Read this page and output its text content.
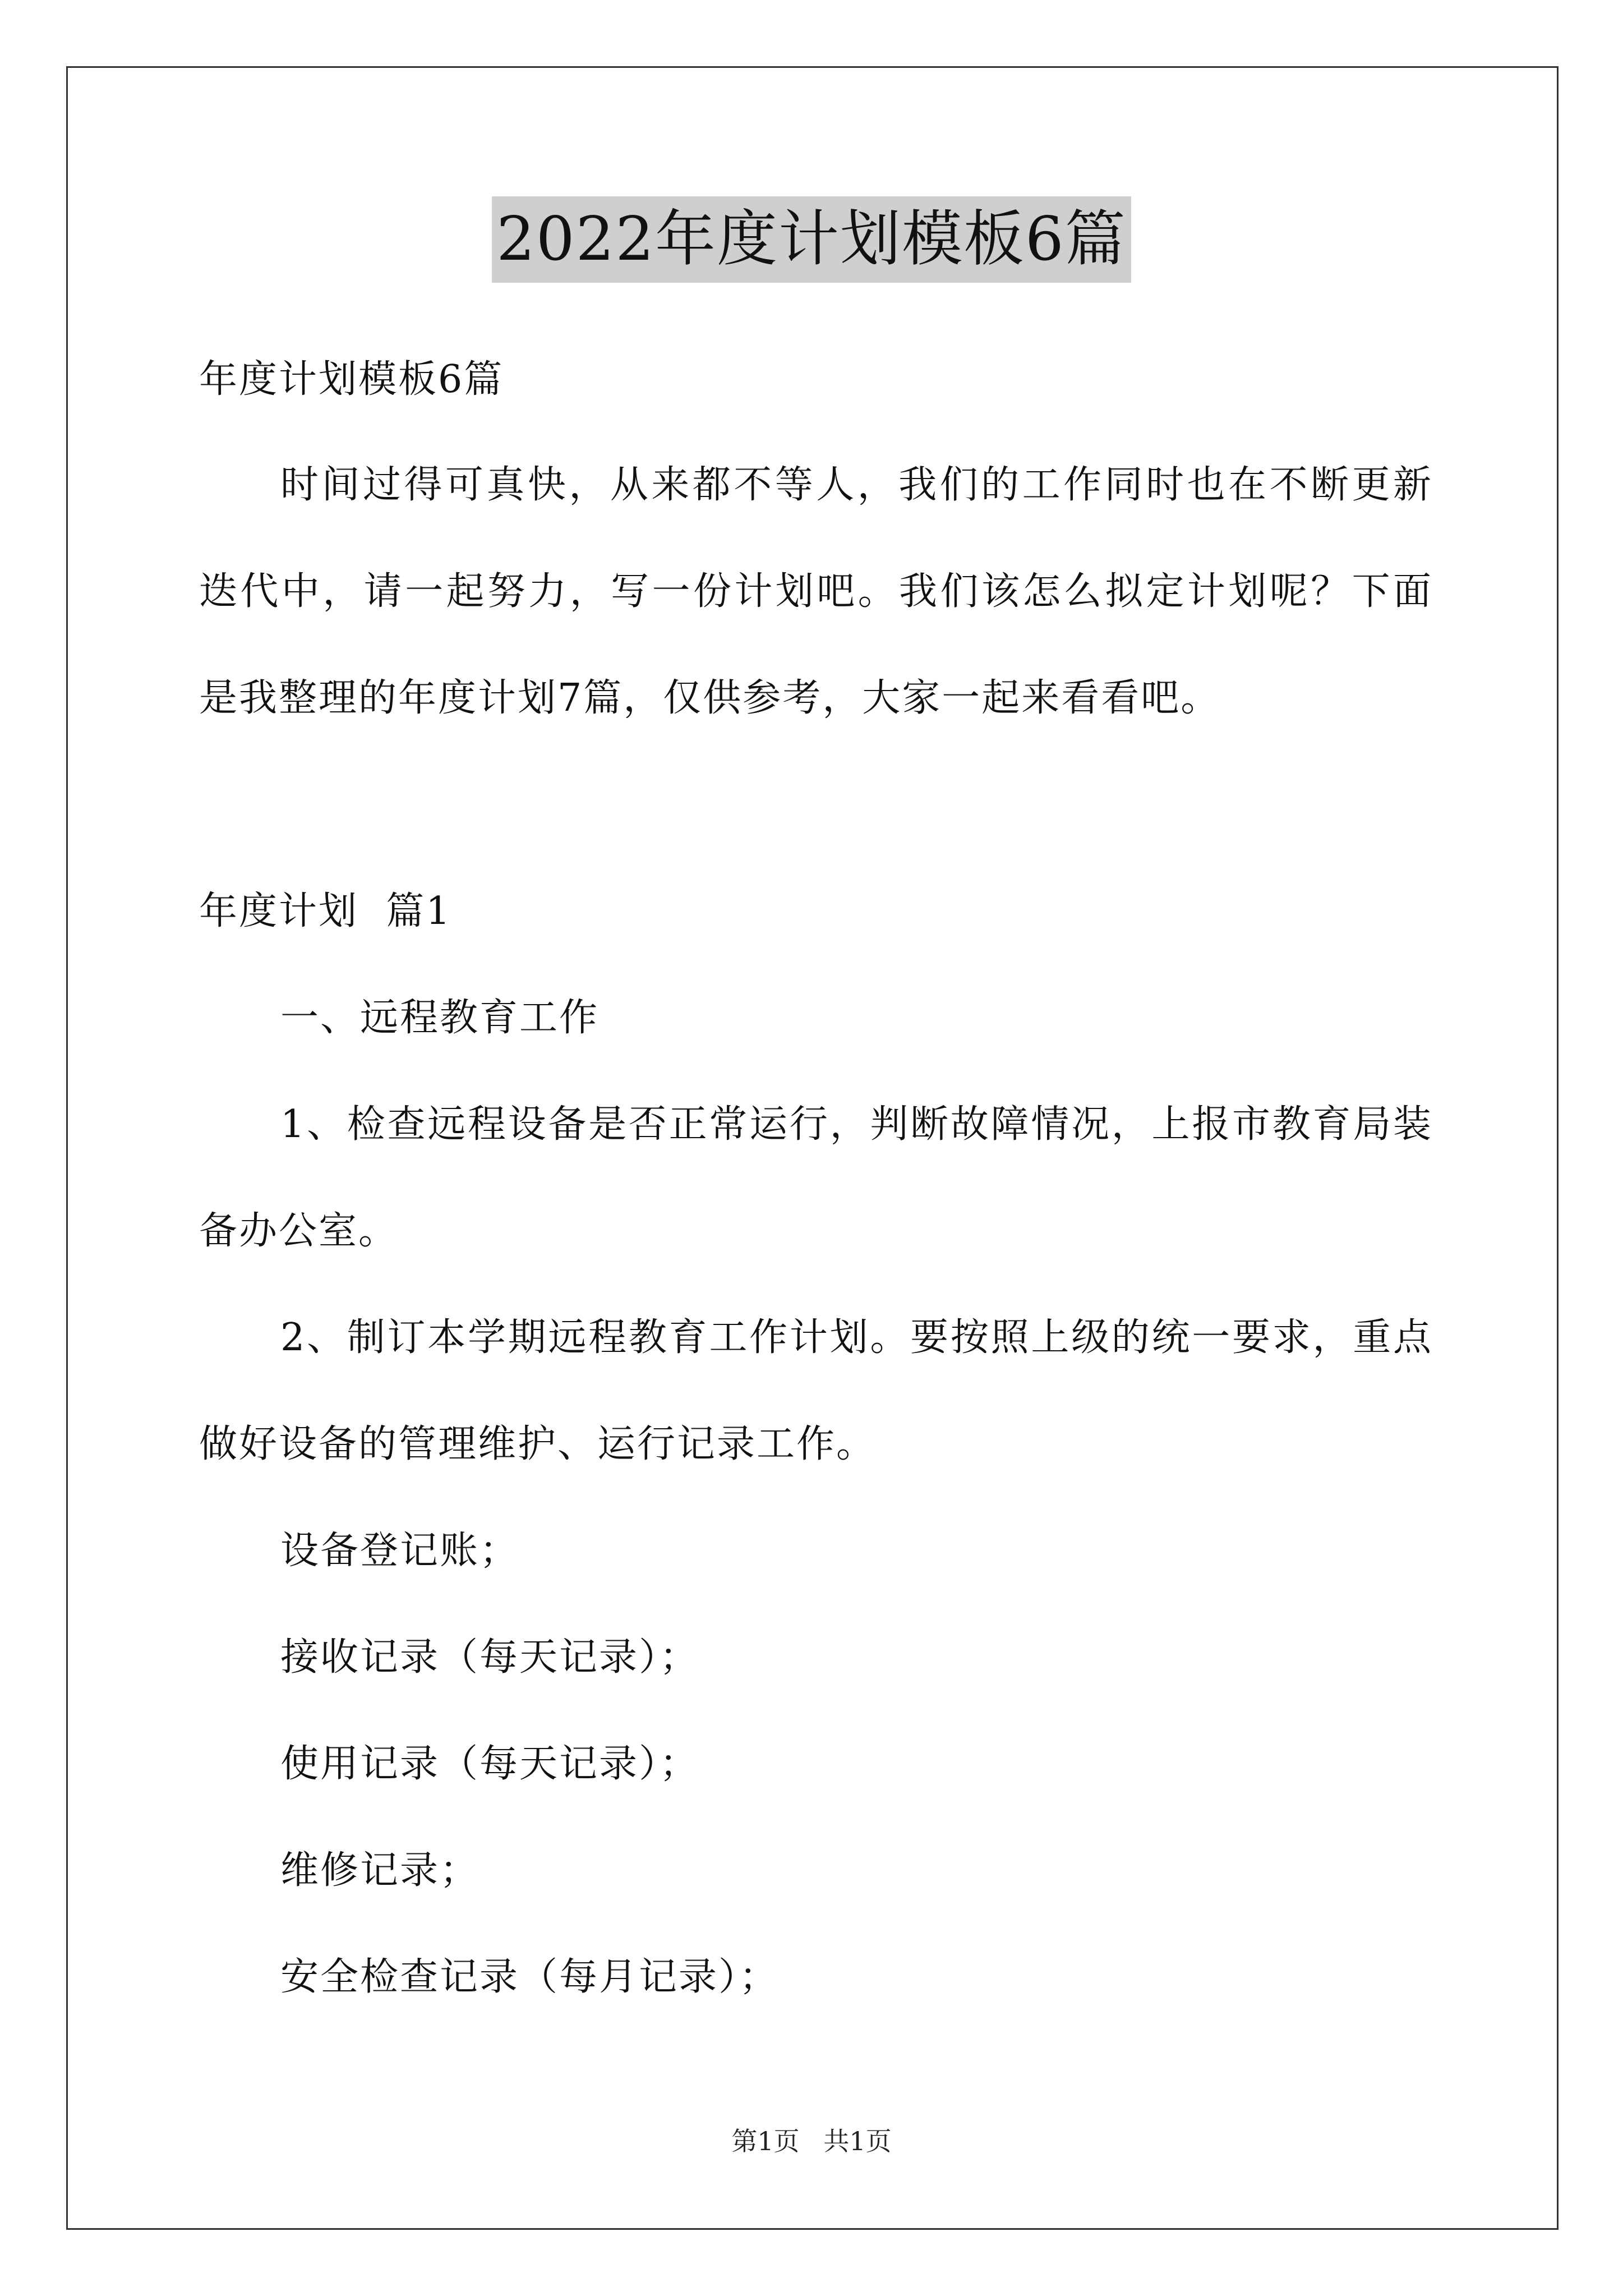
2022年度计划模板6篇
年度计划模板6篇
时间过得可真快，从来都不等人，我们的工作同时也在不断更新
迭代中，请一起努力，写一份计划吧。我们该怎么拟定计划呢？下面
是我整理的年度计划7篇，仅供参考，大家一起来看看吧。
年度计划  篇1
一、远程教育工作
1、检查远程设备是否正常运行，判断故障情况，上报市教育局装
备办公室。
2、制订本学期远程教育工作计划。要按照上级的统一要求，重点
做好设备的管理维护、运行记录工作。
设备登记账；
接收记录（每天记录）；
使用记录（每天记录）；
维修记录；
安全检查记录（每月记录）；
第1页 共1页
